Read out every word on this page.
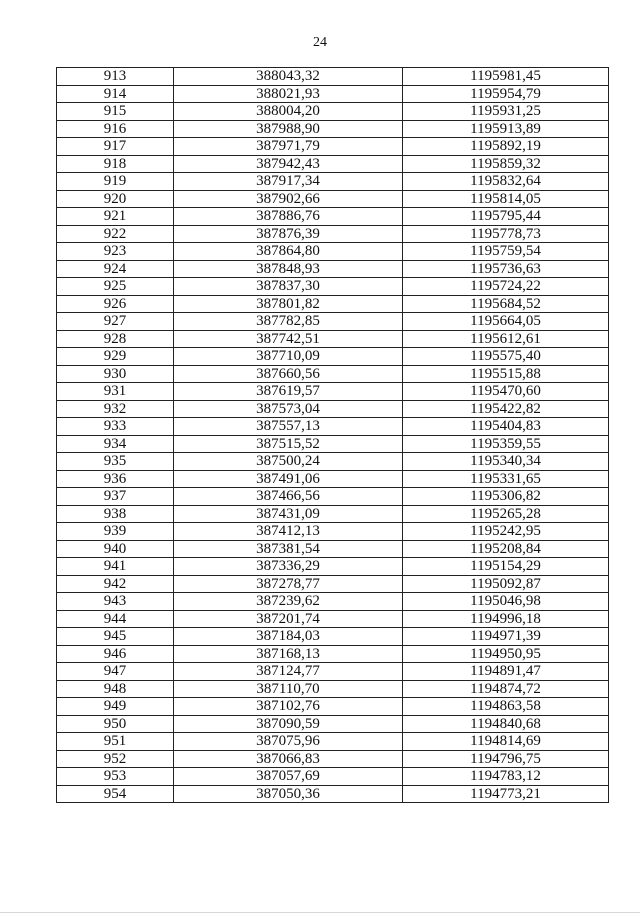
24
913	388043,32	1195981,45
914	388021,93	1195954,79
915	388004,20	1195931,25
916	387988,90	1195913,89
917	387971,79	1195892,19
918	387942,43	1195859,32
919	387917,34	1195832,64
920	387902,66	1195814,05
921	387886,76	1195795,44
922	387876,39	1195778,73
923	387864,80	1195759,54
924	387848,93	1195736,63
925	387837,30	1195724,22
926	387801,82	1195684,52
927	387782,85	1195664,05
928	387742,51	1195612,61
929	387710,09	1195575,40
930	387660,56	1195515,88
931	387619,57	1195470,60
932	387573,04	1195422,82
933	387557,13	1195404,83
934	387515,52	1195359,55
935	387500,24	1195340,34
936	387491,06	1195331,65
937	387466,56	1195306,82
938	387431,09	1195265,28
939	387412,13	1195242,95
940	387381,54	1195208,84
941	387336,29	1195154,29
942	387278,77	1195092,87
943	387239,62	1195046,98
944	387201,74	1194996,18
945	387184,03	1194971,39
946	387168,13	1194950,95
947	387124,77	1194891,47
948	387110,70	1194874,72
949	387102,76	1194863,58
950	387090,59	1194840,68
951	387075,96	1194814,69
952	387066,83	1194796,75
953	387057,69	1194783,12
954	387050,36	1194773,21
